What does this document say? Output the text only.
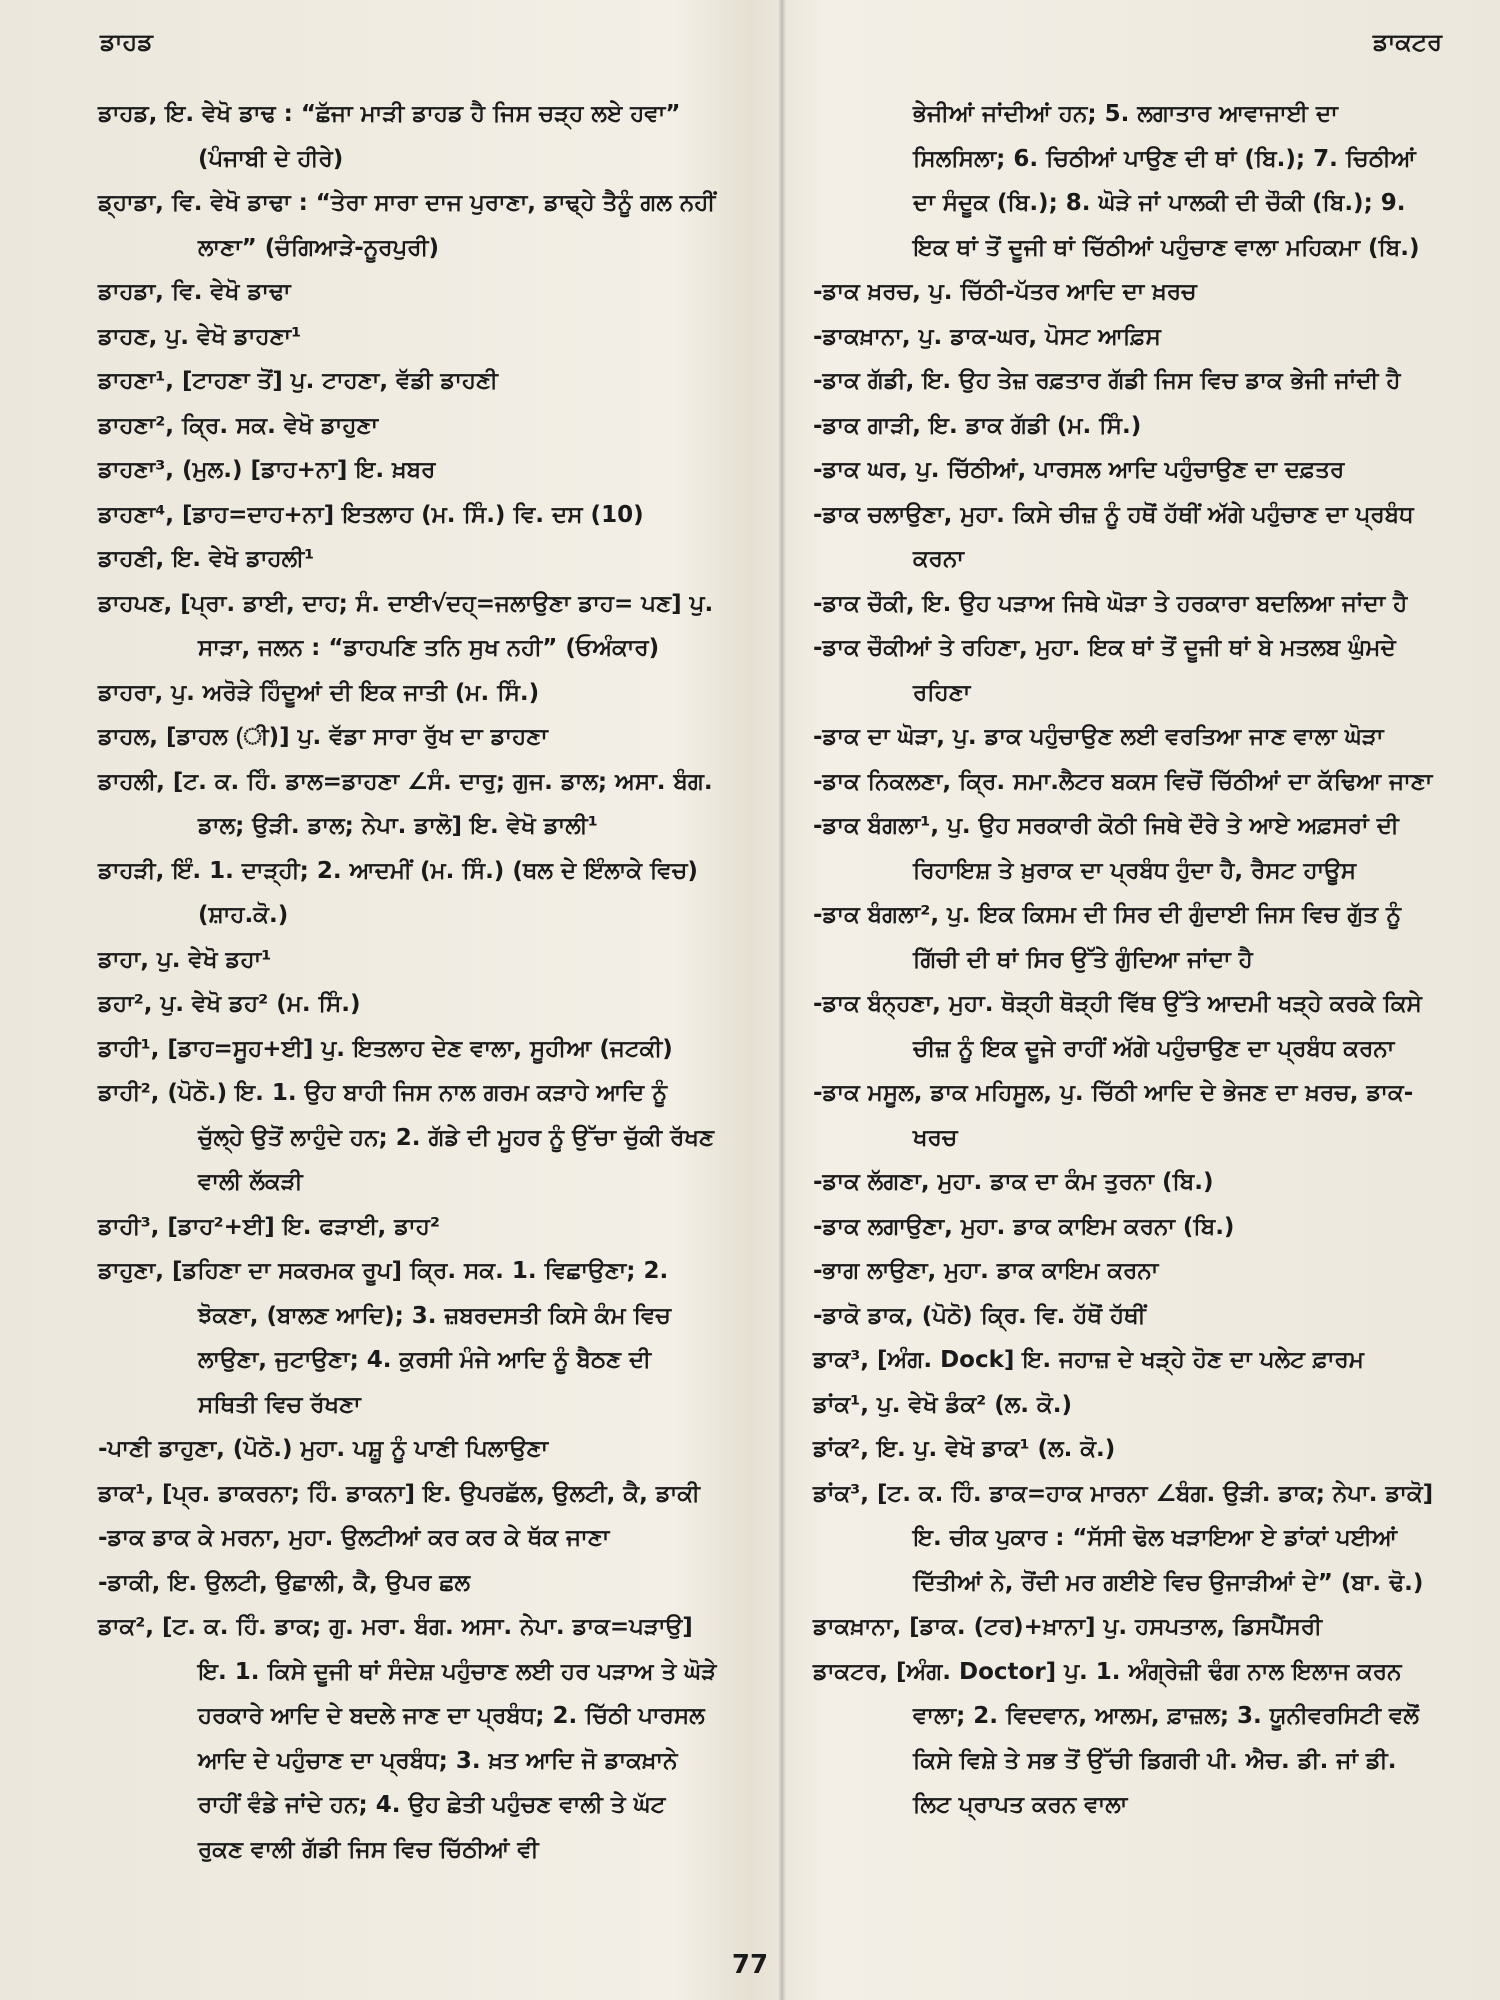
ਡਾਹਡ	ਡਾਕਟਰ

ਡਾਹਡ, ਇ. ਵੇਖੋ ਡਾਢ : “ਛੱਜਾ ਮਾੜੀ ਡਾਹਡ ਹੈ ਜਿਸ ਚੜ੍ਹ ਲਏ ਹਵਾ” (ਪੰਜਾਬੀ ਦੇ ਹੀਰੇ)

ਡ੍ਹਾਡਾ, ਵਿ. ਵੇਖੋ ਡਾਢਾ : “ਤੇਰਾ ਸਾਰਾ ਦਾਜ ਪੁਰਾਣਾ, ਡਾਢ੍ਹੇ ਤੈਨੂੰ ਗਲ ਨਹੀਂ ਲਾਣਾ” (ਚੰਗਿਆੜੇ-ਨੂਰਪੁਰੀ)

ਡਾਹਡਾ, ਵਿ. ਵੇਖੋ ਡਾਢਾ

ਡਾਹਣ, ਪੁ. ਵੇਖੋ ਡਾਹਣਾ¹

ਡਾਹਣਾ¹, [ਟਾਹਣਾ ਤੋਂ] ਪੁ. ਟਾਹਣਾ, ਵੱਡੀ ਡਾਹਣੀ

ਡਾਹਣਾ², ਕ੍ਰਿ. ਸਕ. ਵੇਖੋ ਡਾਹੁਣਾ

ਡਾਹਣਾ³, (ਮੁਲ.) [ਡਾਹ+ਨਾ] ਇ. ਖ਼ਬਰ

ਡਾਹਣਾ⁴, [ਡਾਹ=ਦਾਹ+ਨਾ] ਇਤਲਾਹ (ਮ. ਸਿੰ.) ਵਿ. ਦਸ (10)

ਡਾਹਣੀ, ਇ. ਵੇਖੋ ਡਾਹਲੀ¹

ਡਾਹਪਣ, [ਪ੍ਰਾ. ਡਾਈ, ਦਾਹ; ਸੰ. ਦਾਈ√ਦਹ੍=ਜਲਾਉਣਾ ਡਾਹ= ਪਣ] ਪੁ. ਸਾੜਾ, ਜਲਨ : “ਡਾਹਪਣਿ ਤਨਿ ਸੁਖ ਨਹੀ” (ਓਅੰਕਾਰ)

ਡਾਹਰਾ, ਪੁ. ਅਰੋੜੇ ਹਿੰਦੂਆਂ ਦੀ ਇਕ ਜਾਤੀ (ਮ. ਸਿੰ.)

ਡਾਹਲ, [ਡਾਹਲ (ੀ)] ਪੁ. ਵੱਡਾ ਸਾਰਾ ਰੁੱਖ ਦਾ ਡਾਹਣਾ

ਡਾਹਲੀ, [ਟ. ਕ. ਹਿੰ. ਡਾਲ=ਡਾਹਣਾ ∠ਸੰ. ਦਾਰੁ; ਗੁਜ. ਡਾਲ; ਅਸਾ. ਬੰਗ. ਡਾਲ; ਉੜੀ. ਡਾਲ; ਨੇਪਾ. ਡਾਲੋ] ਇ. ਵੇਖੋ ਡਾਲੀ¹

ਡਾਹੜੀ, ਇੰ. 1. ਦਾੜ੍ਹੀ; 2. ਆਦਮੀਂ (ਮ. ਸਿੰ.) (ਥਲ ਦੇ ਇੰਲਾਕੇ ਵਿਚ) (ਸ਼ਾਹ.ਕੋ.)

ਡਾਹਾ, ਪੁ. ਵੇਖੋ ਡਹਾ¹

ਡਹਾ², ਪੁ. ਵੇਖੋ ਡਹ² (ਮ. ਸਿੰ.)

ਡਾਹੀ¹, [ਡਾਹ=ਸੂਹ+ਈ] ਪੁ. ਇਤਲਾਹ ਦੇਣ ਵਾਲਾ, ਸੂਹੀਆ (ਜਟਕੀ)

ਡਾਹੀ², (ਪੋਠੋ.) ਇ. 1. ਉਹ ਬਾਹੀ ਜਿਸ ਨਾਲ ਗਰਮ ਕੜਾਹੇ ਆਦਿ ਨੂੰ ਚੁੱਲ੍ਹੇ ਉਤੋਂ ਲਾਹੁੰਦੇ ਹਨ; 2. ਗੱਡੇ ਦੀ ਮੂਹਰ ਨੂੰ ਉੱਚਾ ਚੁੱਕੀ ਰੱਖਣ ਵਾਲੀ ਲੱਕੜੀ

ਡਾਹੀ³, [ਡਾਹ²+ਈ] ਇ. ਫੜਾਈ, ਡਾਹ²

ਡਾਹੁਣਾ, [ਡਹਿਣਾ ਦਾ ਸਕਰਮਕ ਰੂਪ] ਕ੍ਰਿ. ਸਕ. 1. ਵਿਛਾਉਣਾ; 2. ਝੋਕਣਾ, (ਬਾਲਣ ਆਦਿ); 3. ਜ਼ਬਰਦਸਤੀ ਕਿਸੇ ਕੰਮ ਵਿਚ ਲਾਉਣਾ, ਜੁਟਾਉਣਾ; 4. ਕੁਰਸੀ ਮੰਜੇ ਆਦਿ ਨੂੰ ਬੈਠਣ ਦੀ ਸਥਿਤੀ ਵਿਚ ਰੱਖਣਾ

-ਪਾਣੀ ਡਾਹੁਣਾ, (ਪੋਠੋ.) ਮੁਹਾ. ਪਸ਼ੂ ਨੂੰ ਪਾਣੀ ਪਿਲਾਉਣਾ

ਡਾਕ¹, [ਪ੍ਰ. ਡਾਕਰਨਾ; ਹਿੰ. ਡਾਕਨਾ] ਇ. ਉਪਰਛੱਲ, ਉਲਟੀ, ਕੈ, ਡਾਕੀ

-ਡਾਕ ਡਾਕ ਕੇ ਮਰਨਾ, ਮੁਹਾ. ਉਲਟੀਆਂ ਕਰ ਕਰ ਕੇ ਥੱਕ ਜਾਣਾ

-ਡਾਕੀ, ਇ. ਉਲਟੀ, ਉਛਾਲੀ, ਕੈ, ਉਪਰ ਛਲ

ਡਾਕ², [ਟ. ਕ. ਹਿੰ. ਡਾਕ; ਗੁ. ਮਰਾ. ਬੰਗ. ਅਸਾ. ਨੇਪਾ. ਡਾਕ=ਪੜਾਉ] ਇ. 1. ਕਿਸੇ ਦੂਜੀ ਥਾਂ ਸੰਦੇਸ਼ ਪਹੁੰਚਾਣ ਲਈ ਹਰ ਪੜਾਅ ਤੇ ਘੋੜੇ ਹਰਕਾਰੇ ਆਦਿ ਦੇ ਬਦਲੇ ਜਾਣ ਦਾ ਪ੍ਰਬੰਧ; 2. ਚਿੱਠੀ ਪਾਰਸਲ ਆਦਿ ਦੇ ਪਹੁੰਚਾਣ ਦਾ ਪ੍ਰਬੰਧ; 3. ਖ਼ਤ ਆਦਿ ਜੋ ਡਾਕਖ਼ਾਨੇ ਰਾਹੀਂ ਵੰਡੇ ਜਾਂਦੇ ਹਨ; 4. ਉਹ ਛੇਤੀ ਪਹੁੰਚਣ ਵਾਲੀ ਤੇ ਘੱਟ ਰੁਕਣ ਵਾਲੀ ਗੱਡੀ ਜਿਸ ਵਿਚ ਚਿੱਠੀਆਂ ਵੀ

ਭੇਜੀਆਂ ਜਾਂਦੀਆਂ ਹਨ; 5. ਲਗਾਤਾਰ ਆਵਾਜਾਈ ਦਾ ਸਿਲਸਿਲਾ; 6. ਚਿਠੀਆਂ ਪਾਉਣ ਦੀ ਥਾਂ (ਬਿ.); 7. ਚਿਠੀਆਂ ਦਾ ਸੰਦੂਕ (ਬਿ.); 8. ਘੋੜੇ ਜਾਂ ਪਾਲਕੀ ਦੀ ਚੌਕੀ (ਬਿ.); 9. ਇਕ ਥਾਂ ਤੋਂ ਦੂਜੀ ਥਾਂ ਚਿੱਠੀਆਂ ਪਹੁੰਚਾਣ ਵਾਲਾ ਮਹਿਕਮਾ (ਬਿ.)

-ਡਾਕ ਖ਼ਰਚ, ਪੁ. ਚਿੱਠੀ-ਪੱਤਰ ਆਦਿ ਦਾ ਖ਼ਰਚ

-ਡਾਕਖ਼ਾਨਾ, ਪੁ. ਡਾਕ-ਘਰ, ਪੋਸਟ ਆਫ਼ਿਸ

-ਡਾਕ ਗੱਡੀ, ਇ. ਉਹ ਤੇਜ਼ ਰਫ਼ਤਾਰ ਗੱਡੀ ਜਿਸ ਵਿਚ ਡਾਕ ਭੇਜੀ ਜਾਂਦੀ ਹੈ

-ਡਾਕ ਗਾੜੀ, ਇ. ਡਾਕ ਗੱਡੀ (ਮ. ਸਿੰ.)

-ਡਾਕ ਘਰ, ਪੁ. ਚਿੱਠੀਆਂ, ਪਾਰਸਲ ਆਦਿ ਪਹੁੰਚਾਉਣ ਦਾ ਦਫ਼ਤਰ

-ਡਾਕ ਚਲਾਉਣਾ, ਮੁਹਾ. ਕਿਸੇ ਚੀਜ਼ ਨੂੰ ਹਥੋਂ ਹੱਥੀਂ ਅੱਗੇ ਪਹੁੰਚਾਣ ਦਾ ਪ੍ਰਬੰਧ ਕਰਨਾ

-ਡਾਕ ਚੌਕੀ, ਇ. ਉਹ ਪੜਾਅ ਜਿਥੇ ਘੋੜਾ ਤੇ ਹਰਕਾਰਾ ਬਦਲਿਆ ਜਾਂਦਾ ਹੈ

-ਡਾਕ ਚੌਕੀਆਂ ਤੇ ਰਹਿਣਾ, ਮੁਹਾ. ਇਕ ਥਾਂ ਤੋਂ ਦੂਜੀ ਥਾਂ ਬੇ ਮਤਲਬ ਘੁੰਮਦੇ ਰਹਿਣਾ

-ਡਾਕ ਦਾ ਘੋੜਾ, ਪੁ. ਡਾਕ ਪਹੁੰਚਾਉਣ ਲਈ ਵਰਤਿਆ ਜਾਣ ਵਾਲਾ ਘੋੜਾ

-ਡਾਕ ਨਿਕਲਣਾ, ਕ੍ਰਿ. ਸਮਾ.ਲੈਟਰ ਬਕਸ ਵਿਚੋਂ ਚਿੱਠੀਆਂ ਦਾ ਕੱਢਿਆ ਜਾਣਾ

-ਡਾਕ ਬੰਗਲਾ¹, ਪੁ. ਉਹ ਸਰਕਾਰੀ ਕੋਠੀ ਜਿਥੇ ਦੌਰੇ ਤੇ ਆਏ ਅਫ਼ਸਰਾਂ ਦੀ ਰਿਹਾਇਸ਼ ਤੇ ਖ਼ੁਰਾਕ ਦਾ ਪ੍ਰਬੰਧ ਹੁੰਦਾ ਹੈ, ਰੈਸਟ ਹਾਊਸ

-ਡਾਕ ਬੰਗਲਾ², ਪੁ. ਇਕ ਕਿਸਮ ਦੀ ਸਿਰ ਦੀ ਗੁੰਦਾਈ ਜਿਸ ਵਿਚ ਗੁੱਤ ਨੂੰ ਗਿੱਚੀ ਦੀ ਥਾਂ ਸਿਰ ਉੱਤੇ ਗੁੰਦਿਆ ਜਾਂਦਾ ਹੈ

-ਡਾਕ ਬੰਨ੍ਹਣਾ, ਮੁਹਾ. ਥੋੜ੍ਹੀ ਥੋੜ੍ਹੀ ਵਿੱਥ ਉੱਤੇ ਆਦਮੀ ਖੜ੍ਹੇ ਕਰਕੇ ਕਿਸੇ ਚੀਜ਼ ਨੂੰ ਇਕ ਦੂਜੇ ਰਾਹੀਂ ਅੱਗੇ ਪਹੁੰਚਾਉਣ ਦਾ ਪ੍ਰਬੰਧ ਕਰਨਾ

-ਡਾਕ ਮਸੂਲ, ਡਾਕ ਮਹਿਸੂਲ, ਪੁ. ਚਿੱਠੀ ਆਦਿ ਦੇ ਭੇਜਣ ਦਾ ਖ਼ਰਚ, ਡਾਕ-ਖਰਚ

-ਡਾਕ ਲੱਗਣਾ, ਮੁਹਾ. ਡਾਕ ਦਾ ਕੰਮ ਤੁਰਨਾ (ਬਿ.)

-ਡਾਕ ਲਗਾਉਣਾ, ਮੁਹਾ. ਡਾਕ ਕਾਇਮ ਕਰਨਾ (ਬਿ.)

-ਭਾਗ ਲਾਉਣਾ, ਮੁਹਾ. ਡਾਕ ਕਾਇਮ ਕਰਨਾ

-ਡਾਕੋ ਡਾਕ, (ਪੋਠੋ) ਕ੍ਰਿ. ਵਿ. ਹੱਥੋਂ ਹੱਥੀਂ

ਡਾਕ³, [ਅੰਗ. Dock] ਇ. ਜਹਾਜ਼ ਦੇ ਖੜ੍ਹੇ ਹੋਣ ਦਾ ਪਲੇਟ ਫ਼ਾਰਮ

ਡਾਂਕ¹, ਪੁ. ਵੇਖੋ ਡੰਕ² (ਲ. ਕੋ.)

ਡਾਂਕ², ਇ. ਪੁ. ਵੇਖੋ ਡਾਕ¹ (ਲ. ਕੋ.)

ਡਾਂਕ³, [ਟ. ਕ. ਹਿੰ. ਡਾਕ=ਹਾਕ ਮਾਰਨਾ ∠ਬੰਗ. ਉੜੀ. ਡਾਕ; ਨੇਪਾ. ਡਾਕੋ] ਇ. ਚੀਕ ਪੁਕਾਰ : “ਸੱਸੀ ਢੋਲ ਖੜਾਇਆ ਏ ਡਾਂਕਾਂ ਪਈਆਂ ਦਿੱਤੀਆਂ ਨੇ, ਰੋਂਦੀ ਮਰ ਗਈਏ ਵਿਚ ਉਜਾੜੀਆਂ ਦੇ” (ਬਾ. ਢੋ.)

ਡਾਕਖ਼ਾਨਾ, [ਡਾਕ. (ਟਰ)+ਖ਼ਾਨਾ] ਪੁ. ਹਸਪਤਾਲ, ਡਿਸਪੈਂਸਰੀ

ਡਾਕਟਰ, [ਅੰਗ. Doctor] ਪੁ. 1. ਅੰਗ੍ਰੇਜ਼ੀ ਢੰਗ ਨਾਲ ਇਲਾਜ ਕਰਨ ਵਾਲਾ; 2. ਵਿਦਵਾਨ, ਆਲਮ, ਫ਼ਾਜ਼ਲ; 3. ਯੂਨੀਵਰਸਿਟੀ ਵਲੋਂ ਕਿਸੇ ਵਿਸ਼ੇ ਤੇ ਸਭ ਤੋਂ ਉੱਚੀ ਡਿਗਰੀ ਪੀ. ਐਚ. ਡੀ. ਜਾਂ ਡੀ. ਲਿਟ ਪ੍ਰਾਪਤ ਕਰਨ ਵਾਲਾ

77
